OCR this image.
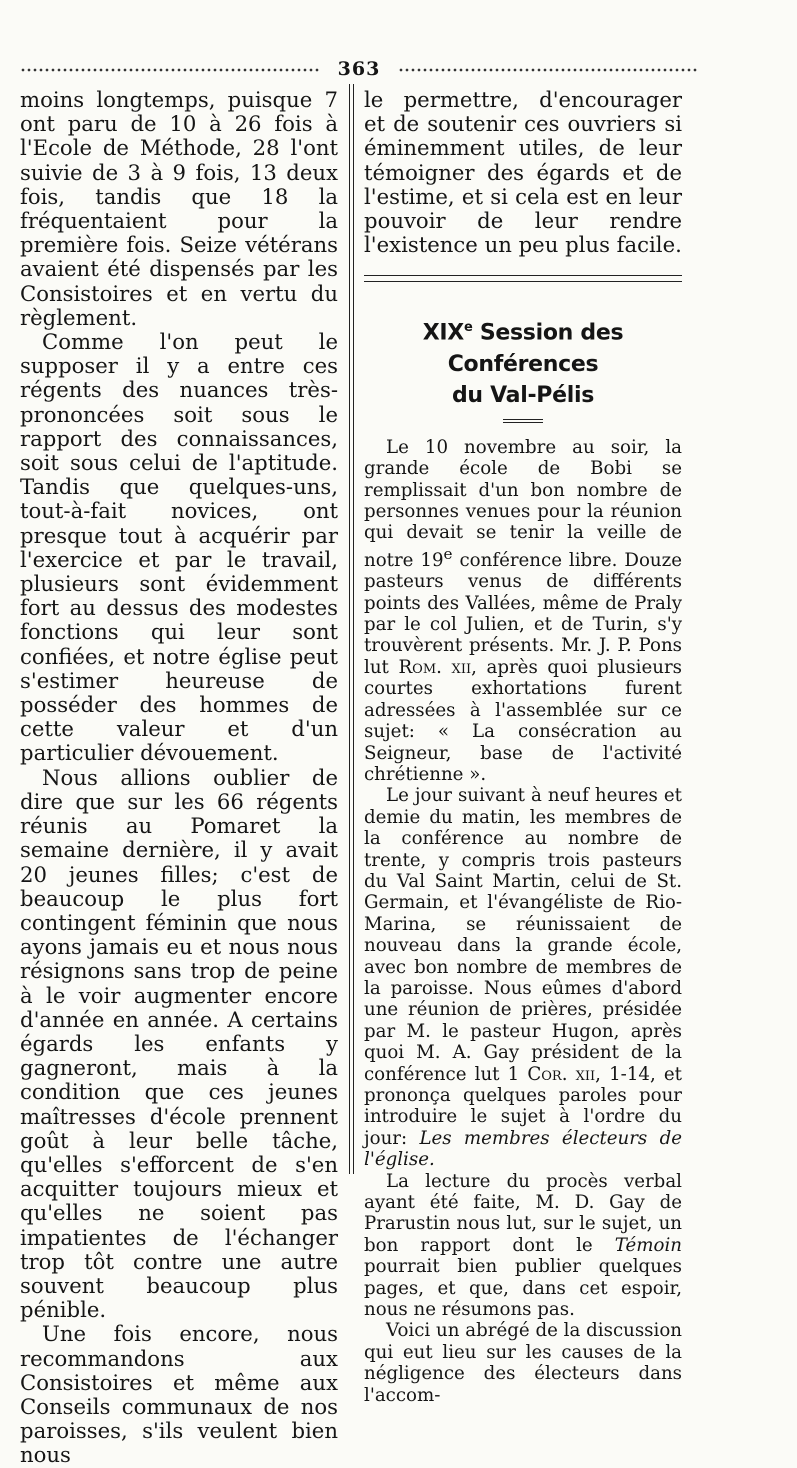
363

moins longtemps, puisque 7 ont paru de 10 à 26 fois à l'Ecole de Méthode, 28 l'ont suivie de 3 à 9 fois, 13 deux fois, tandis que 18 la fréquentaient pour la première fois. Seize vétérans avaient été dispensés par les Consistoires et en vertu du règlement.

Comme l'on peut le supposer il y a entre ces régents des nuances très-prononcées soit sous le rapport des connaissances, soit sous celui de l'aptitude. Tandis que quelques-uns, tout-à-fait novices, ont presque tout à acquérir par l'exercice et par le travail, plusieurs sont évidemment fort au dessus des modestes fonctions qui leur sont confiées, et notre église peut s'estimer heureuse de posséder des hommes de cette valeur et d'un particulier dévouement.

Nous allions oublier de dire que sur les 66 régents réunis au Pomaret la semaine dernière, il y avait 20 jeunes filles; c'est de beaucoup le plus fort contingent féminin que nous ayons jamais eu et nous nous résignons sans trop de peine à le voir augmenter encore d'année en année. A certains égards les enfants y gagneront, mais à la condition que ces jeunes maîtresses d'école prennent goût à leur belle tâche, qu'elles s'efforcent de s'en acquitter toujours mieux et qu'elles ne soient pas impatientes de l'échanger trop tôt contre une autre souvent beaucoup plus pénible.

Une fois encore, nous recommandons aux Consistoires et même aux Conseils communaux de nos paroisses, s'ils veulent bien nous

le permettre, d'encourager et de soutenir ces ouvriers si éminemment utiles, de leur témoigner des égards et de l'estime, et si cela est en leur pouvoir de leur rendre l'existence un peu plus facile.

XIXe Session des Conférences
du Val-Pélis

Le 10 novembre au soir, la grande école de Bobi se remplissait d'un bon nombre de personnes venues pour la réunion qui devait se tenir la veille de notre 19e conférence libre. Douze pasteurs venus de différents points des Vallées, même de Praly par le col Julien, et de Turin, s'y trouvèrent présents. Mr. J. P. Pons lut Rom. xii, après quoi plusieurs courtes exhortations furent adressées à l'assemblée sur ce sujet: « La consécration au Seigneur, base de l'activité chrétienne ».

Le jour suivant à neuf heures et demie du matin, les membres de la conférence au nombre de trente, y compris trois pasteurs du Val Saint Martin, celui de St. Germain, et l'évangéliste de Rio-Marina, se réunissaient de nouveau dans la grande école, avec bon nombre de membres de la paroisse. Nous eûmes d'abord une réunion de prières, présidée par M. le pasteur Hugon, après quoi M. A. Gay président de la conférence lut 1 Cor. xii, 1-14, et prononça quelques paroles pour introduire le sujet à l'ordre du jour: Les membres électeurs de l'église.

La lecture du procès verbal ayant été faite, M. D. Gay de Prarustin nous lut, sur le sujet, un bon rapport dont le Témoin pourrait bien publier quelques pages, et que, dans cet espoir, nous ne résumons pas.

Voici un abrégé de la discussion qui eut lieu sur les causes de la négligence des électeurs dans l'accom-
